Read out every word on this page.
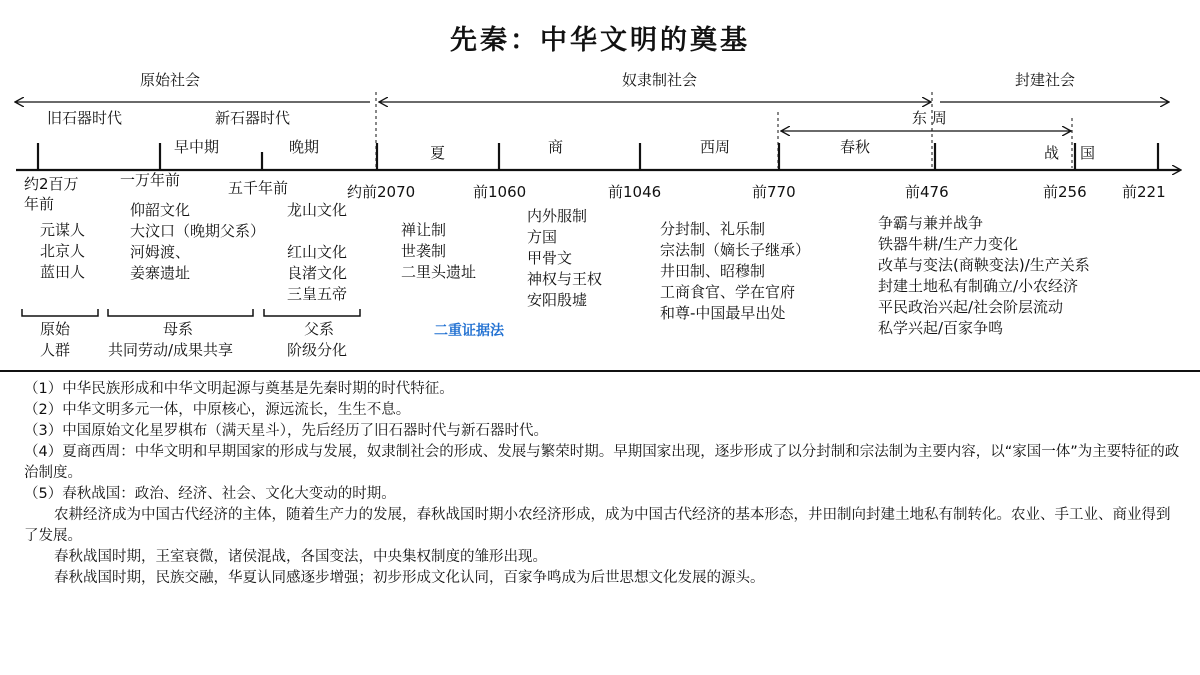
先秦：中华文明的奠基
原始社会	奴隶制社会	封建社会
旧石器时代	新石器时代
早中期	晚期	夏	商	西周
东 周
春秋	战 国
约2百万
年前
一万年前	五千年前	约前2070	前1060	前1046	前770	前476	前256 前221
元谋人
北京人
蓝田人
仰韶文化
大汶口（晚期父系）
河姆渡、
姜寨遗址
龙山文化
红山文化
良渚文化
三皇五帝
禅让制
世袭制
二里头遗址
内外服制
方国
甲骨文
神权与王权
安阳殷墟
分封制、礼乐制
宗法制（嫡长子继承）
井田制、昭穆制
工商食官、学在官府
和尊-中国最早出处
争霸与兼并战争
铁器牛耕/生产力变化
改革与变法(商鞅变法)/生产关系
封建土地私有制确立/小农经济
平民政治兴起/社会阶层流动
私学兴起/百家争鸣
原始
人群
母系
共同劳动/成果共享
父系
阶级分化
二重证据法

（1）中华民族形成和中华文明起源与奠基是先秦时期的时代特征。

（2）中华文明多元一体，中原核心，源远流长，生生不息。

（3）中国原始文化星罗棋布（满天星斗），先后经历了旧石器时代与新石器时代。

（4）夏商西周：中华文明和早期国家的形成与发展，奴隶制社会的形成、发展与繁荣时期。早期国家出现，逐步形成了以分封制和宗法制为主要内容，以“家国一体”为主要特征的政治制度。

（5）春秋战国：政治、经济、社会、文化大变动的时期。

农耕经济成为中国古代经济的主体，随着生产力的发展，春秋战国时期小农经济形成，成为中国古代经济的基本形态，井田制向封建土地私有制转化。农业、手工业、商业得到了发展。

春秋战国时期，王室衰微，诸侯混战，各国变法，中央集权制度的雏形出现。

春秋战国时期，民族交融，华夏认同感逐步增强；初步形成文化认同，百家争鸣成为后世思想文化发展的源头。
